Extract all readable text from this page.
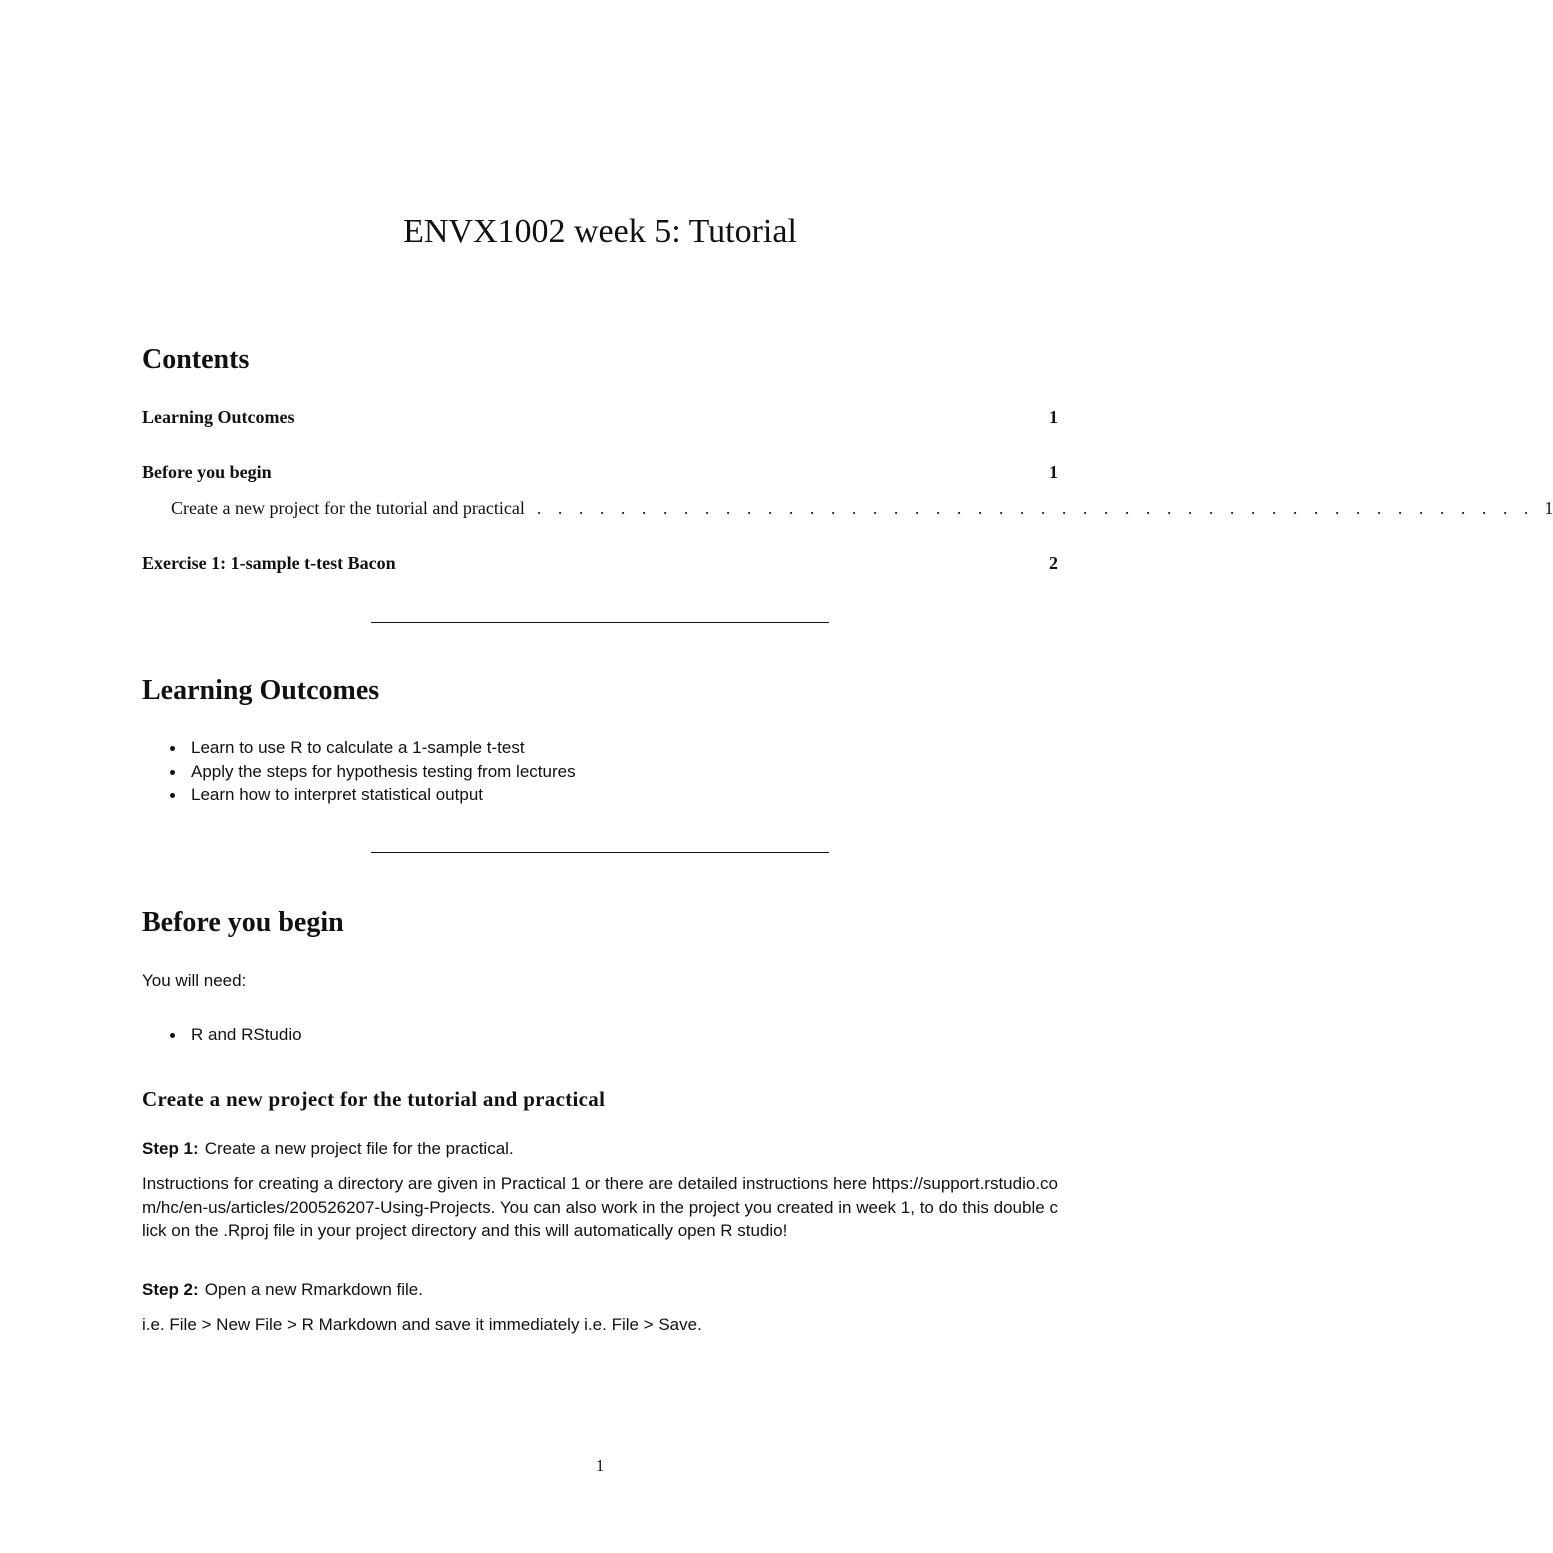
ENVX1002 week 5: Tutorial
Contents
Learning Outcomes	1
Before you begin	1
Create a new project for the tutorial and practical . . . . . . . . . . . . . . . . . . . . . . . . . . . . . . . . . . . . . . . . . . . . . . . . 1
Exercise 1: 1-sample t-test Bacon	2
Learning Outcomes
Learn to use R to calculate a 1-sample t-test
Apply the steps for hypothesis testing from lectures
Learn how to interpret statistical output
Before you begin

You will need:

R and RStudio
Create a new project for the tutorial and practical

Step 1: Create a new project file for the practical.

Instructions for creating a directory are given in Practical 1 or there are detailed instructions here https://support.rstudio.com/hc/en-us/articles/200526207-Using-Projects. You can also work in the project you created in week 1, to do this double click on the .Rproj file in your project directory and this will automatically open R studio!

Step 2: Open a new Rmarkdown file.

i.e. File > New File > R Markdown and save it immediately i.e. File > Save.

1
